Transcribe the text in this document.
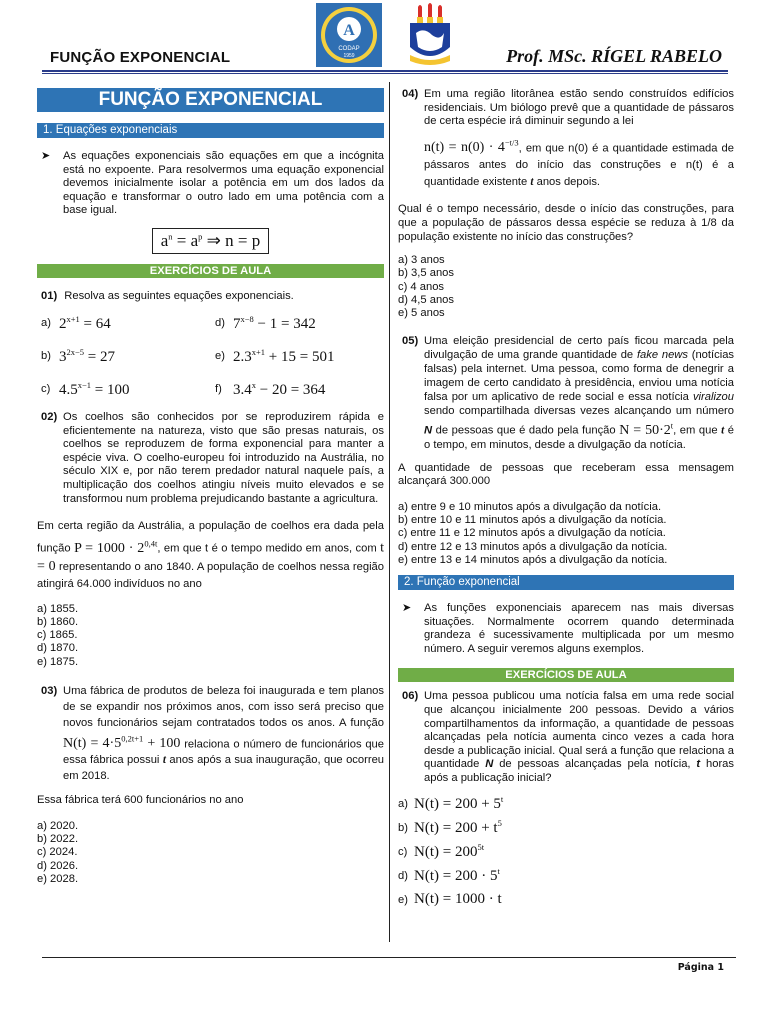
A
CODAP
1959
FUNÇÃO EXPONENCIAL	Prof. MSc. RÍGEL RABELO
FUNÇÃO EXPONENCIAL
1. Equações exponenciais
➤ As equações exponenciais são equações em que a incógnita está no expoente. Para resolvermos uma equação exponencial devemos inicialmente isolar a potência em um dos lados da equação e transformar o outro lado em uma potência com a base igual.
$a^n = a^p$ ⇒ n = p
EXERCÍCIOS DE AULA
01) Resolva as seguintes equações exponenciais.
a) $2^{x+1} = 64$	d) $7^{x-8} - 1 = 342$
b) $3^{2x-5} = 27$	e) $2.3^{x+1} + 15 = 501$
c) $4.5^{x-1} = 100$	f) $3.4^x - 20 = 364$
02) Os coelhos são conhecidos por se reproduzirem rápida e eficientemente na natureza, visto que são presas naturais, os coelhos se reproduzem de forma exponencial para manter a espécie viva. O coelho-europeu foi introduzido na Austrália, no século XIX e, por não terem predador natural naquele país, a multiplicação dos coelhos atingiu níveis muito elevados e se transformou num problema prejudicando bastante a agricultura.
Em certa região da Austrália, a população de coelhos era dada pela função $P = 1000 \cdot 2^{0,4t}$, em que t é o tempo medido em anos, com t = 0 representando o ano 1840. A população de coelhos nessa região atingirá 64.000 indivíduos no ano
a) 1855.
b) 1860.
c) 1865.
d) 1870.
e) 1875.
03) Uma fábrica de produtos de beleza foi inaugurada e tem planos de se expandir nos próximos anos, com isso será preciso que novos funcionários sejam contratados todos os anos. A função $N(t) = 4\cdot 5^{0,2t+1} + 100$ relaciona o número de funcionários que essa fábrica possui t anos após a sua inauguração, que ocorreu em 2018.
Essa fábrica terá 600 funcionários no ano
a) 2020.
b) 2022.
c) 2024.
d) 2026.
e) 2028.
04) Em uma região litorânea estão sendo construídos edifícios residenciais. Um biólogo prevê que a quantidade de pássaros de certa espécie irá diminuir segundo a lei
$n(t) = n(0) \cdot 4^{-t/3}$, em que n(0) é a quantidade estimada de pássaros antes do início das construções e n(t) é a quantidade existente t anos depois.
Qual é o tempo necessário, desde o início das construções, para que a população de pássaros dessa espécie se reduza à 1/8 da população existente no início das construções?
a) 3 anos
b) 3,5 anos
c) 4 anos
d) 4,5 anos
e) 5 anos
05) Uma eleição presidencial de certo país ficou marcada pela divulgação de uma grande quantidade de fake news (notícias falsas) pela internet. Uma pessoa, como forma de denegrir a imagem de certo candidato à presidência, enviou uma notícia falsa por um aplicativo de rede social e essa notícia viralizou sendo compartilhada diversas vezes alcançando um número N de pessoas que é dado pela função $N = 50\cdot 2^t$, em que t é o tempo, em minutos, desde a divulgação da notícia.
A quantidade de pessoas que receberam essa mensagem alcançará 300.000
a) entre 9 e 10 minutos após a divulgação da notícia.
b) entre 10 e 11 minutos após a divulgação da notícia.
c) entre 11 e 12 minutos após a divulgação da notícia.
d) entre 12 e 13 minutos após a divulgação da notícia.
e) entre 13 e 14 minutos após a divulgação da notícia.
2. Função exponencial
➤ As funções exponenciais aparecem nas mais diversas situações. Normalmente ocorrem quando determinada grandeza é sucessivamente multiplicada por um mesmo número. A seguir veremos alguns exemplos.
EXERCÍCIOS DE AULA
06) Uma pessoa publicou uma notícia falsa em uma rede social que alcançou inicialmente 200 pessoas. Devido a vários compartilhamentos da informação, a quantidade de pessoas alcançadas pela notícia aumenta cinco vezes a cada hora desde a publicação inicial. Qual será a função que relaciona a quantidade N de pessoas alcançadas pela notícia, t horas após a publicação inicial?
a) $N(t) = 200 + 5^t$
b) $N(t) = 200 + t^5$
c) $N(t) = 200^{5t}$
d) $N(t) = 200 \cdot 5^t$
e) N(t) = 1000 · t
Página 1
